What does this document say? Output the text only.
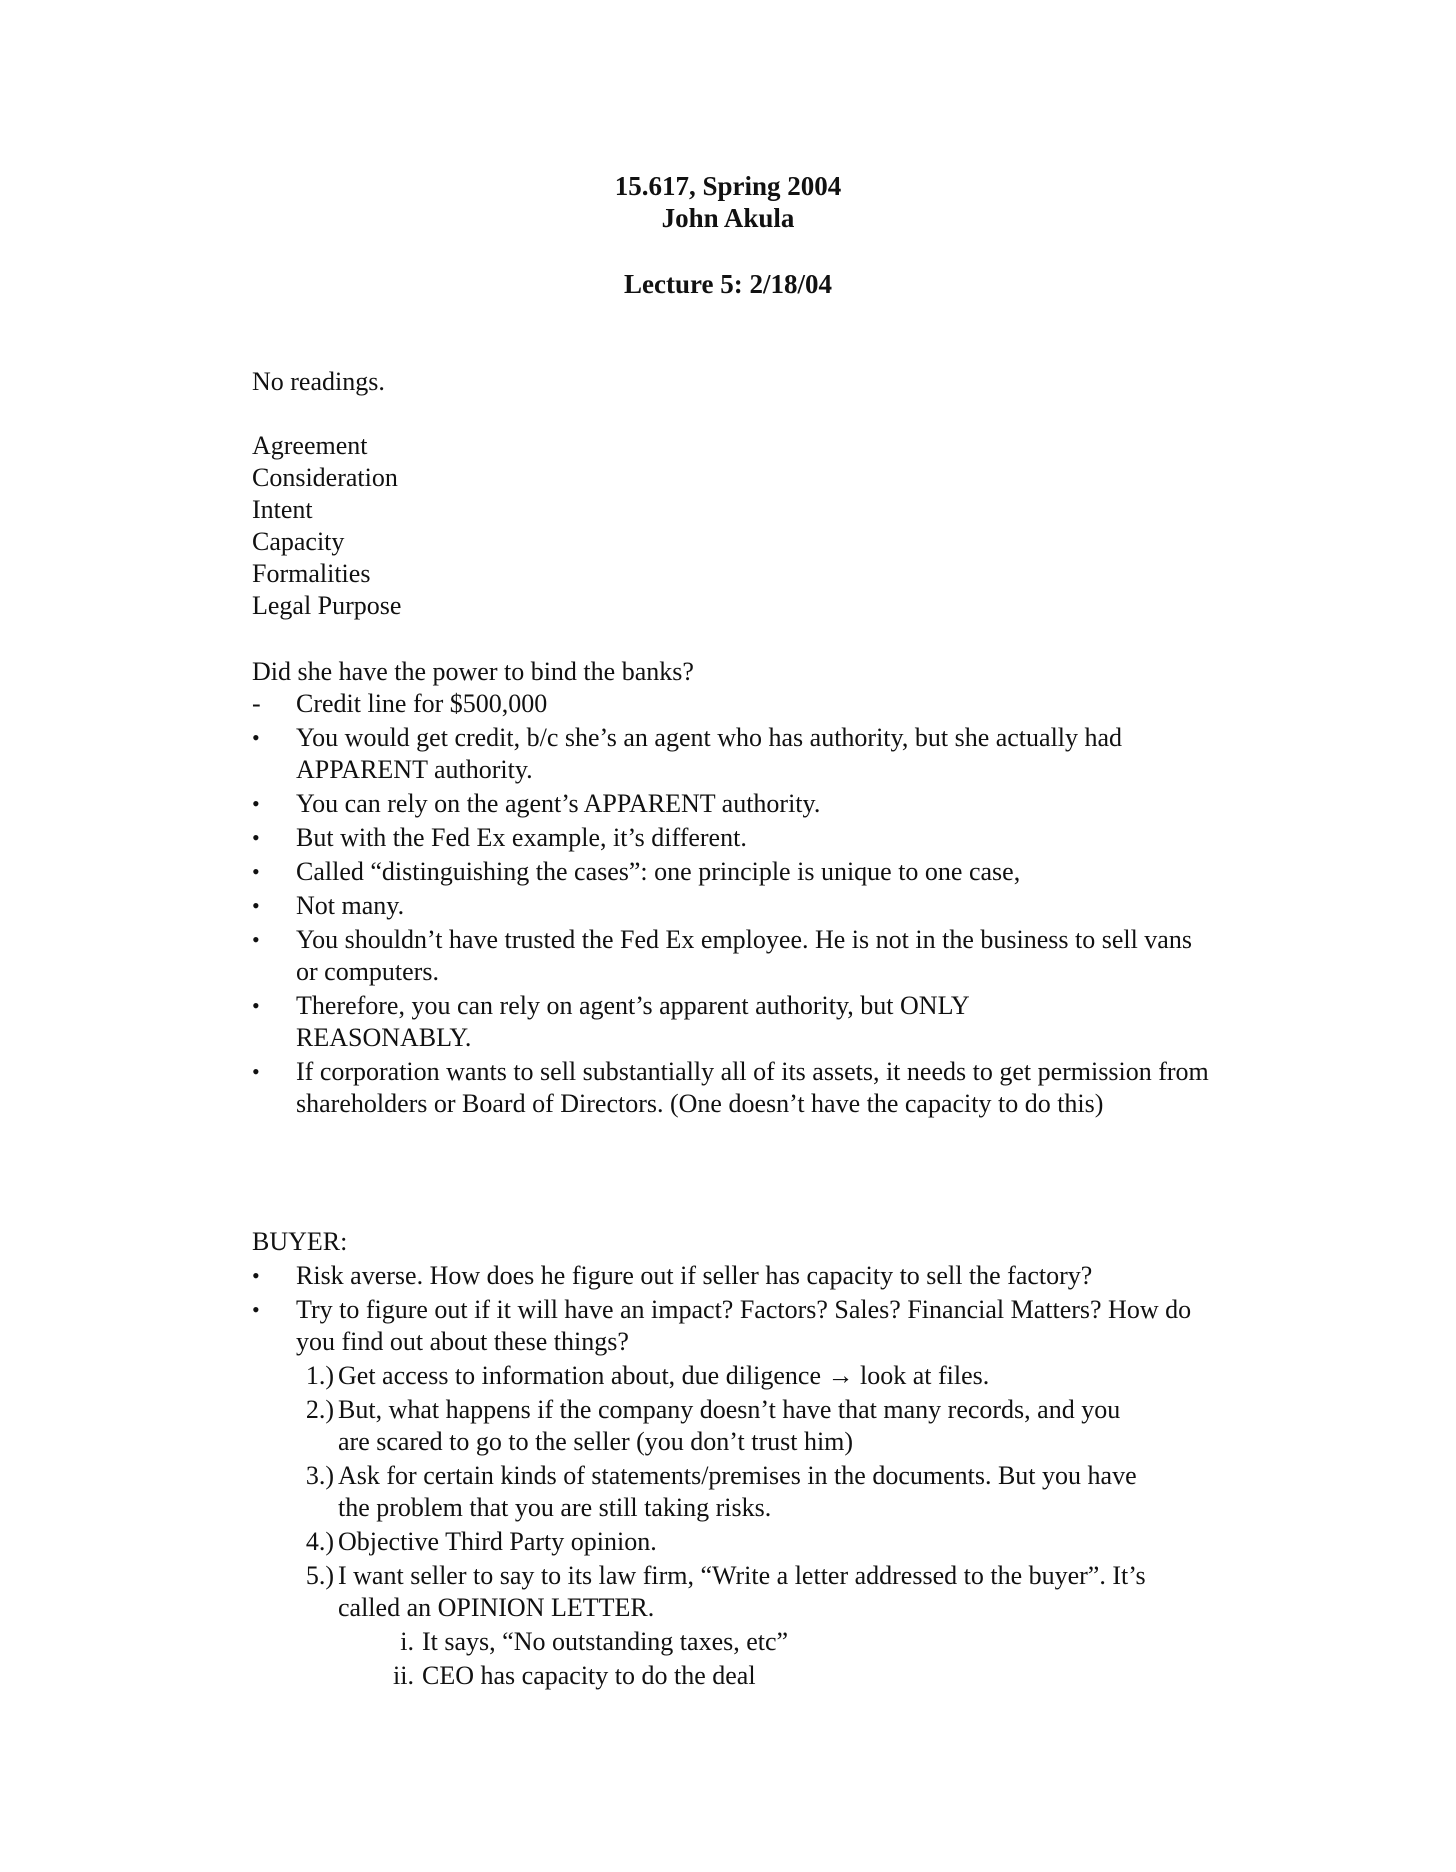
15.617, Spring 2004
John Akula
Lecture 5: 2/18/04
No readings.
Agreement
Consideration
Intent
Capacity
Formalities
Legal Purpose
Did she have the power to bind the banks?
-	Credit line for $500,000
•	You would get credit, b/c she’s an agent who has authority, but she actually had APPARENT authority.
•	You can rely on the agent’s APPARENT authority.
•	But with the Fed Ex example, it’s different.
•	Called “distinguishing the cases”: one principle is unique to one case,
•	Not many.
•	You shouldn’t have trusted the Fed Ex employee. He is not in the business to sell vans or computers.
•	Therefore, you can rely on agent’s apparent authority, but ONLY REASONABLY.
•	If corporation wants to sell substantially all of its assets, it needs to get permission from shareholders or Board of Directors. (One doesn’t have the capacity to do this)
BUYER:
•	Risk averse. How does he figure out if seller has capacity to sell the factory?
•	Try to figure out if it will have an impact? Factors? Sales? Financial Matters? How do you find out about these things?
1.) Get access to information about, due diligence → look at files.
2.) But, what happens if the company doesn’t have that many records, and you are scared to go to the seller (you don’t trust him)
3.) Ask for certain kinds of statements/premises in the documents. But you have the problem that you are still taking risks.
4.) Objective Third Party opinion.
5.) I want seller to say to its law firm, “Write a letter addressed to the buyer”. It’s called an OPINION LETTER.
i. It says, “No outstanding taxes, etc”
ii. CEO has capacity to do the deal
